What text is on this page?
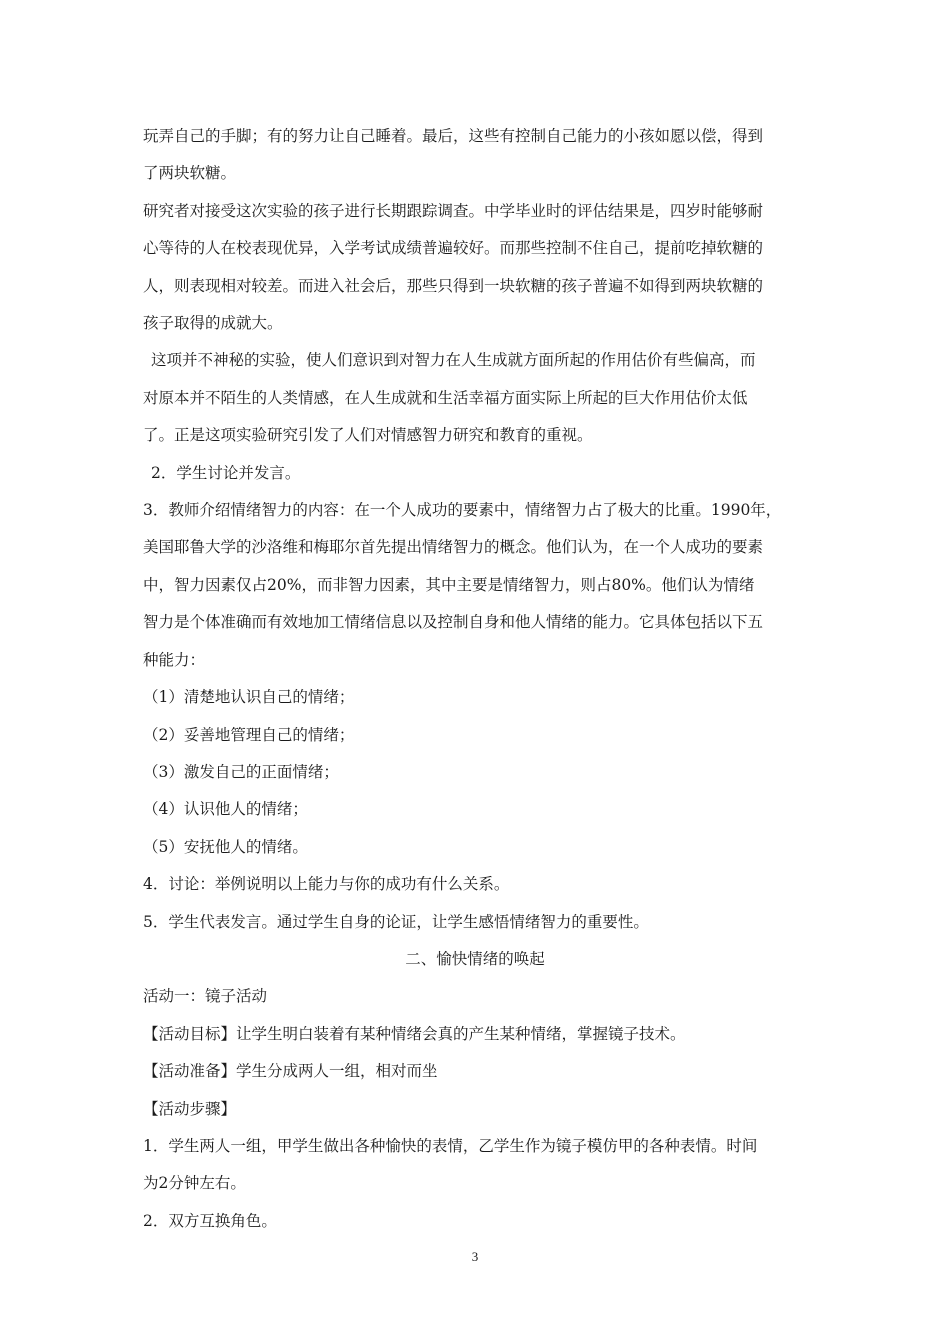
玩弄自己的手脚；有的努力让自己睡着。最后，这些有控制自己能力的小孩如愿以偿，得到

了两块软糖。

研究者对接受这次实验的孩子进行长期跟踪调查。中学毕业时的评估结果是，四岁时能够耐

心等待的人在校表现优异，入学考试成绩普遍较好。而那些控制不住自己，提前吃掉软糖的

人，则表现相对较差。而进入社会后，那些只得到一块软糖的孩子普遍不如得到两块软糖的

孩子取得的成就大。

这项并不神秘的实验，使人们意识到对智力在人生成就方面所起的作用估价有些偏高，而

对原本并不陌生的人类情感，在人生成就和生活幸福方面实际上所起的巨大作用估价太低

了。正是这项实验研究引发了人们对情感智力研究和教育的重视。

2．学生讨论并发言。

3．教师介绍情绪智力的内容：在一个人成功的要素中，情绪智力占了极大的比重。1990年，

美国耶鲁大学的沙洛维和梅耶尔首先提出情绪智力的概念。他们认为，在一个人成功的要素

中，智力因素仅占20%，而非智力因素，其中主要是情绪智力，则占80%。他们认为情绪

智力是个体准确而有效地加工情绪信息以及控制自身和他人情绪的能力。它具体包括以下五

种能力：

（1）清楚地认识自己的情绪；

（2）妥善地管理自己的情绪；

（3）激发自己的正面情绪；

（4）认识他人的情绪；

（5）安抚他人的情绪。

4．讨论：举例说明以上能力与你的成功有什么关系。

5．学生代表发言。通过学生自身的论证，让学生感悟情绪智力的重要性。

二、愉快情绪的唤起

活动一：镜子活动

【活动目标】让学生明白装着有某种情绪会真的产生某种情绪，掌握镜子技术。

【活动准备】学生分成两人一组，相对而坐

【活动步骤】

1．学生两人一组，甲学生做出各种愉快的表情，乙学生作为镜子模仿甲的各种表情。时间

为2分钟左右。

2．双方互换角色。

3
